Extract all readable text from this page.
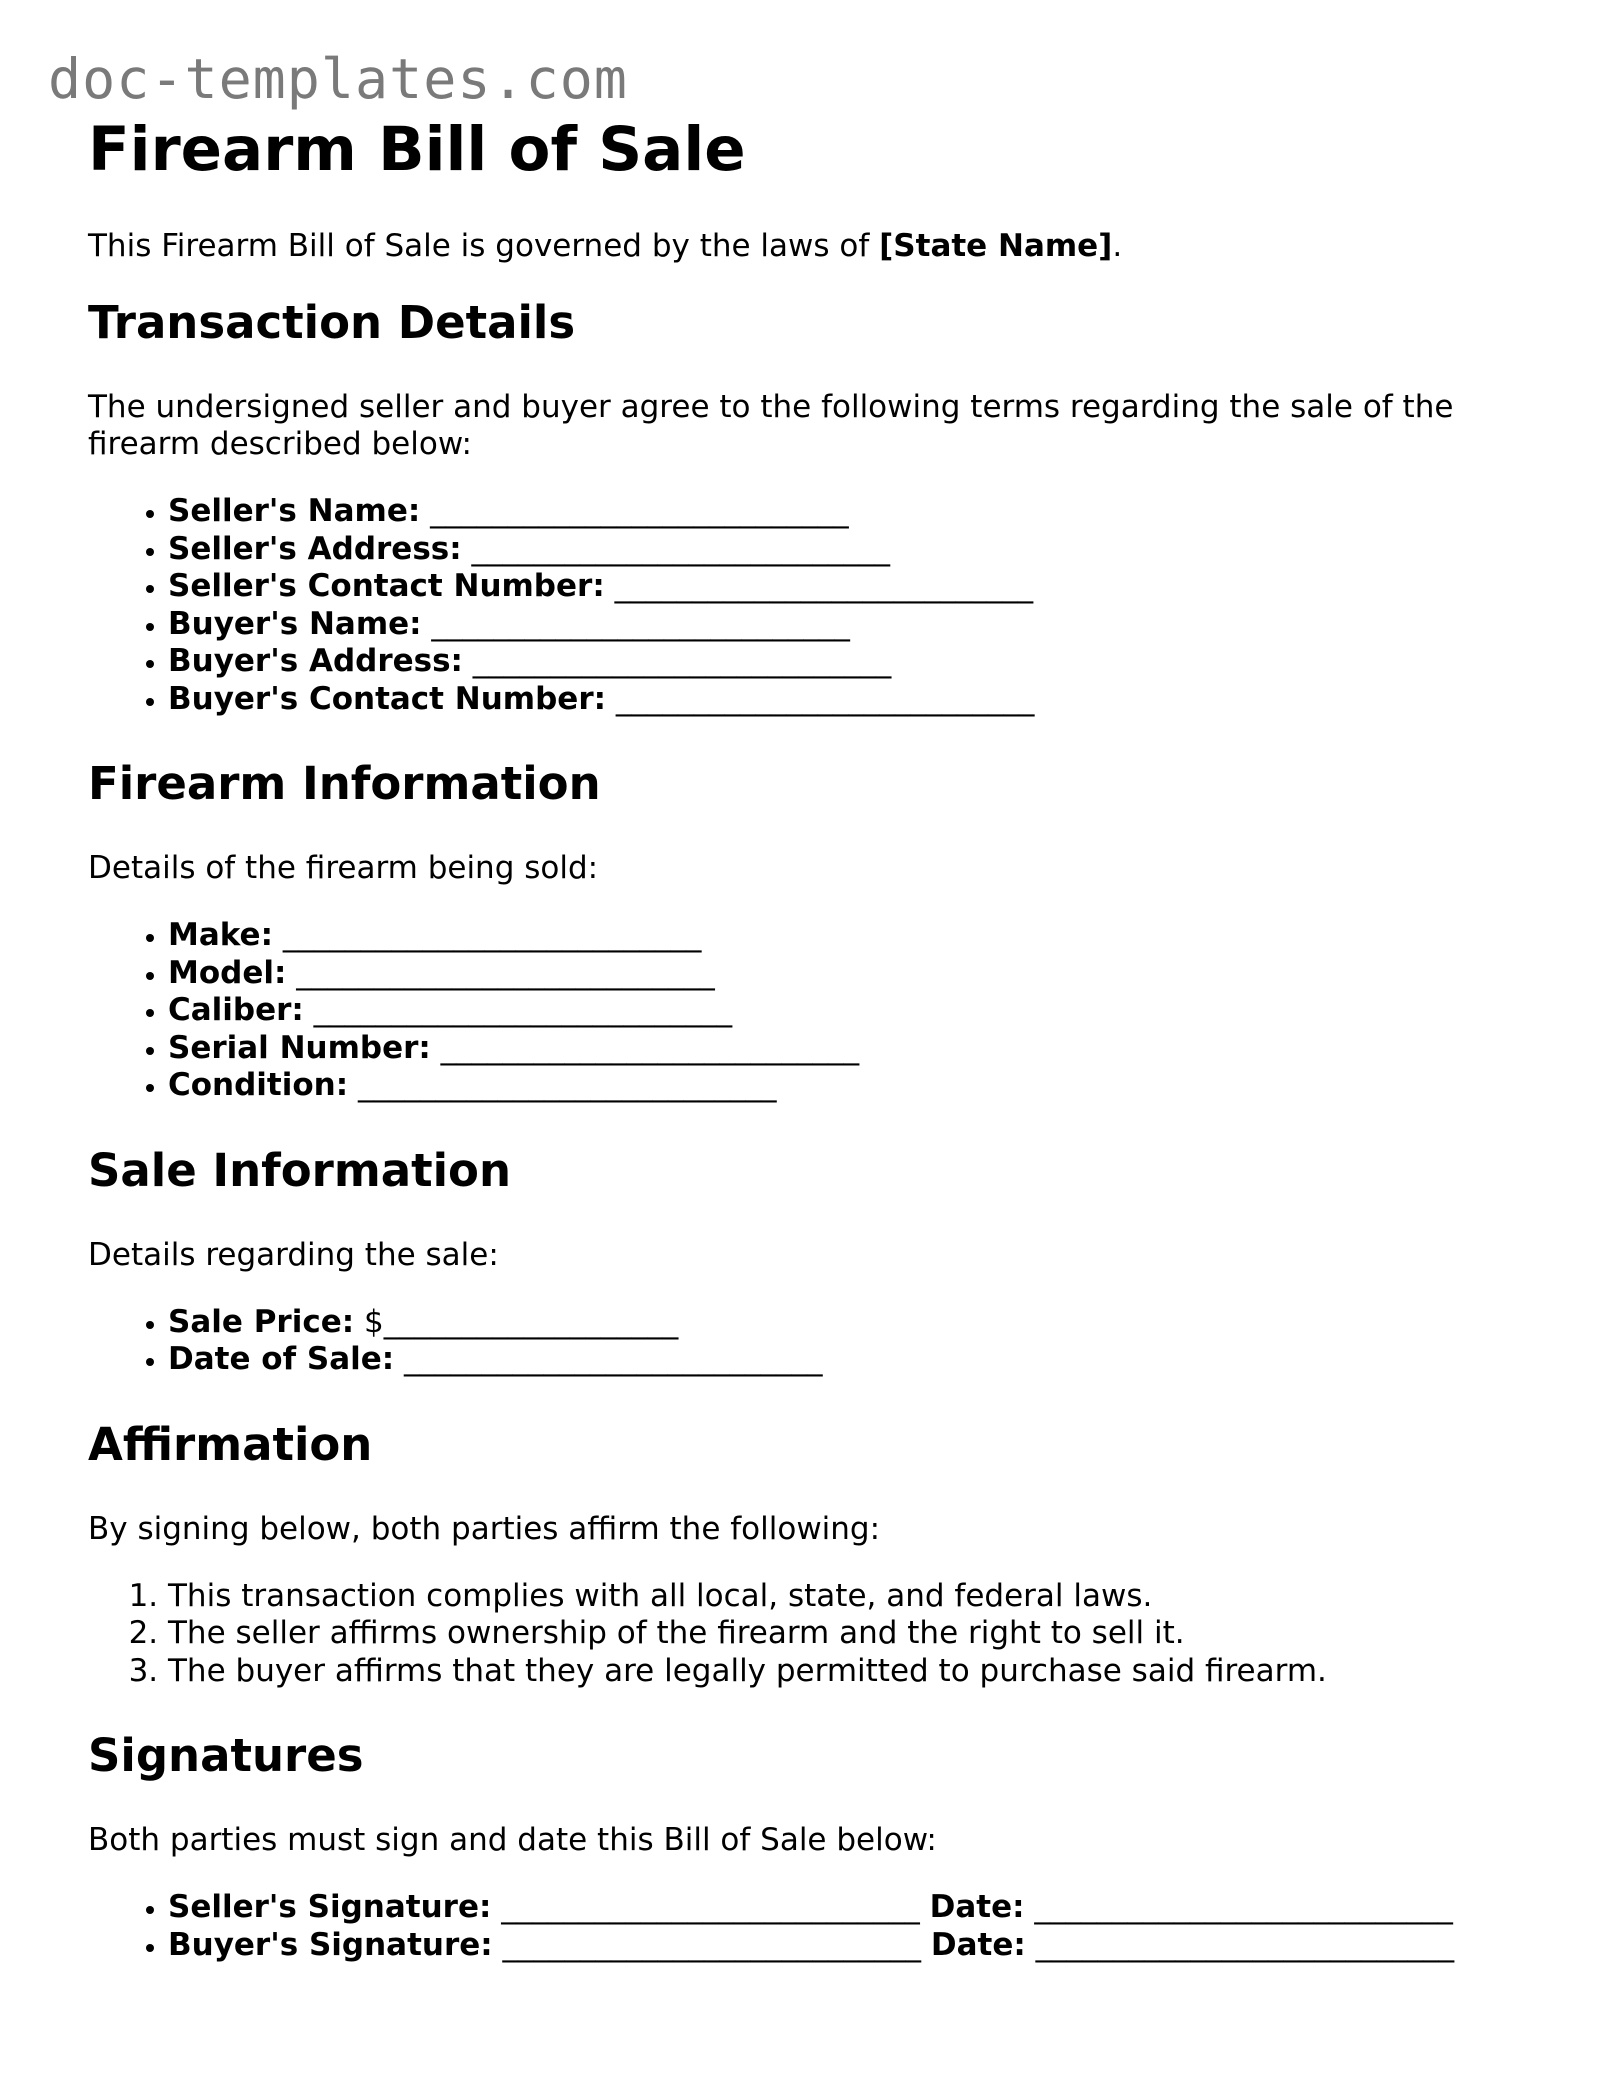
doc-templates.com
Firearm Bill of Sale

This Firearm Bill of Sale is governed by the laws of [State Name].

Transaction Details

The undersigned seller and buyer agree to the following terms regarding the sale of the firearm described below:

• Seller's Name: ___________________________
• Seller's Address: ___________________________
• Seller's Contact Number: ___________________________
• Buyer's Name: ___________________________
• Buyer's Address: ___________________________
• Buyer's Contact Number: ___________________________
Firearm Information

Details of the firearm being sold:

• Make: ___________________________
• Model: ___________________________
• Caliber: ___________________________
• Serial Number: ___________________________
• Condition: ___________________________
Sale Information

Details regarding the sale:

• Sale Price: $___________________
• Date of Sale: ___________________________
Affirmation

By signing below, both parties affirm the following:

1. This transaction complies with all local, state, and federal laws.
2. The seller affirms ownership of the firearm and the right to sell it.
3. The buyer affirms that they are legally permitted to purchase said firearm.
Signatures

Both parties must sign and date this Bill of Sale below:

• Seller's Signature: ___________________________ Date: ___________________________
• Buyer's Signature: ___________________________ Date: ___________________________
